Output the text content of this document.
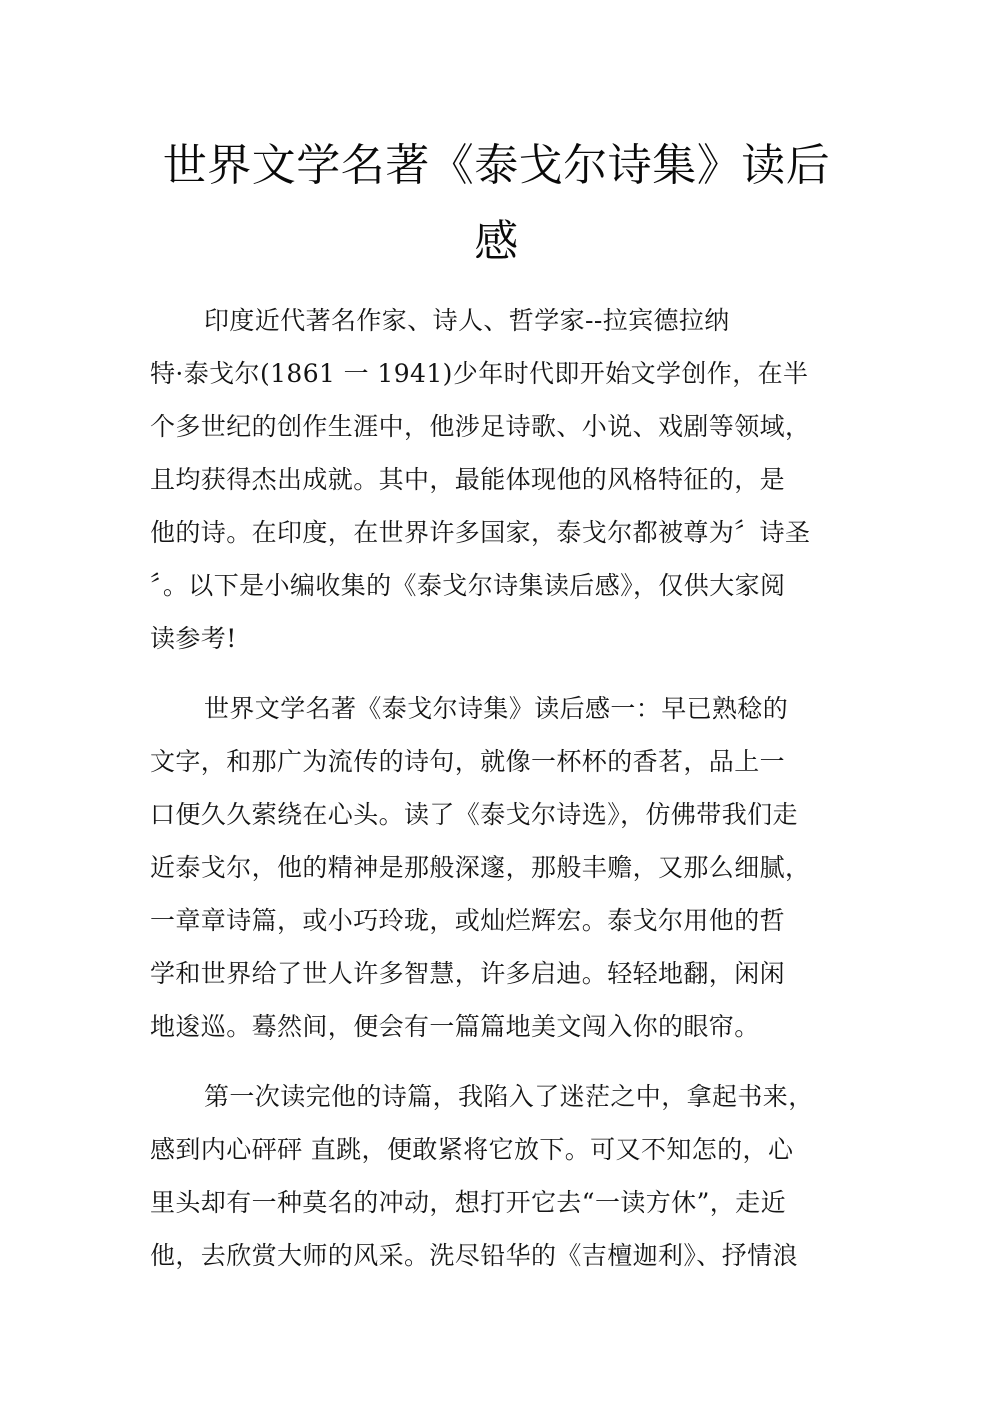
世界文学名著《泰戈尔诗集》读后
感
印度近代著名作家、诗人、哲学家--拉宾德拉纳
特·泰戈尔(1861 一 1941)少年时代即开始文学创作，在半
个多世纪的创作生涯中，他涉足诗歌、小说、戏剧等领域，
且均获得杰出成就。其中，最能体现他的风格特征的，是
他的诗。在印度，在世界许多国家，泰戈尔都被尊为〞诗圣
〞。以下是小编收集的《泰戈尔诗集读后感》，仅供大家阅
读参考!
世界文学名著《泰戈尔诗集》读后感一：早已熟稔的
文字，和那广为流传的诗句，就像一杯杯的香茗，品上一
口便久久萦绕在心头。读了《泰戈尔诗选》，仿佛带我们走
近泰戈尔，他的精神是那般深邃，那般丰赡，又那么细腻，
一章章诗篇，或小巧玲珑，或灿烂辉宏。泰戈尔用他的哲
学和世界给了世人许多智慧，许多启迪。轻轻地翻，闲闲
地逡巡。蓦然间，便会有一篇篇地美文闯入你的眼帘。
第一次读完他的诗篇，我陷入了迷茫之中，拿起书来，
感到内心砰砰 直跳，便敢紧将它放下。可又不知怎的，心
里头却有一种莫名的冲动，想打开它去“一读方休”，走近
他，去欣赏大师的风采。洗尽铅华的《吉檀迦利》、抒情浪
